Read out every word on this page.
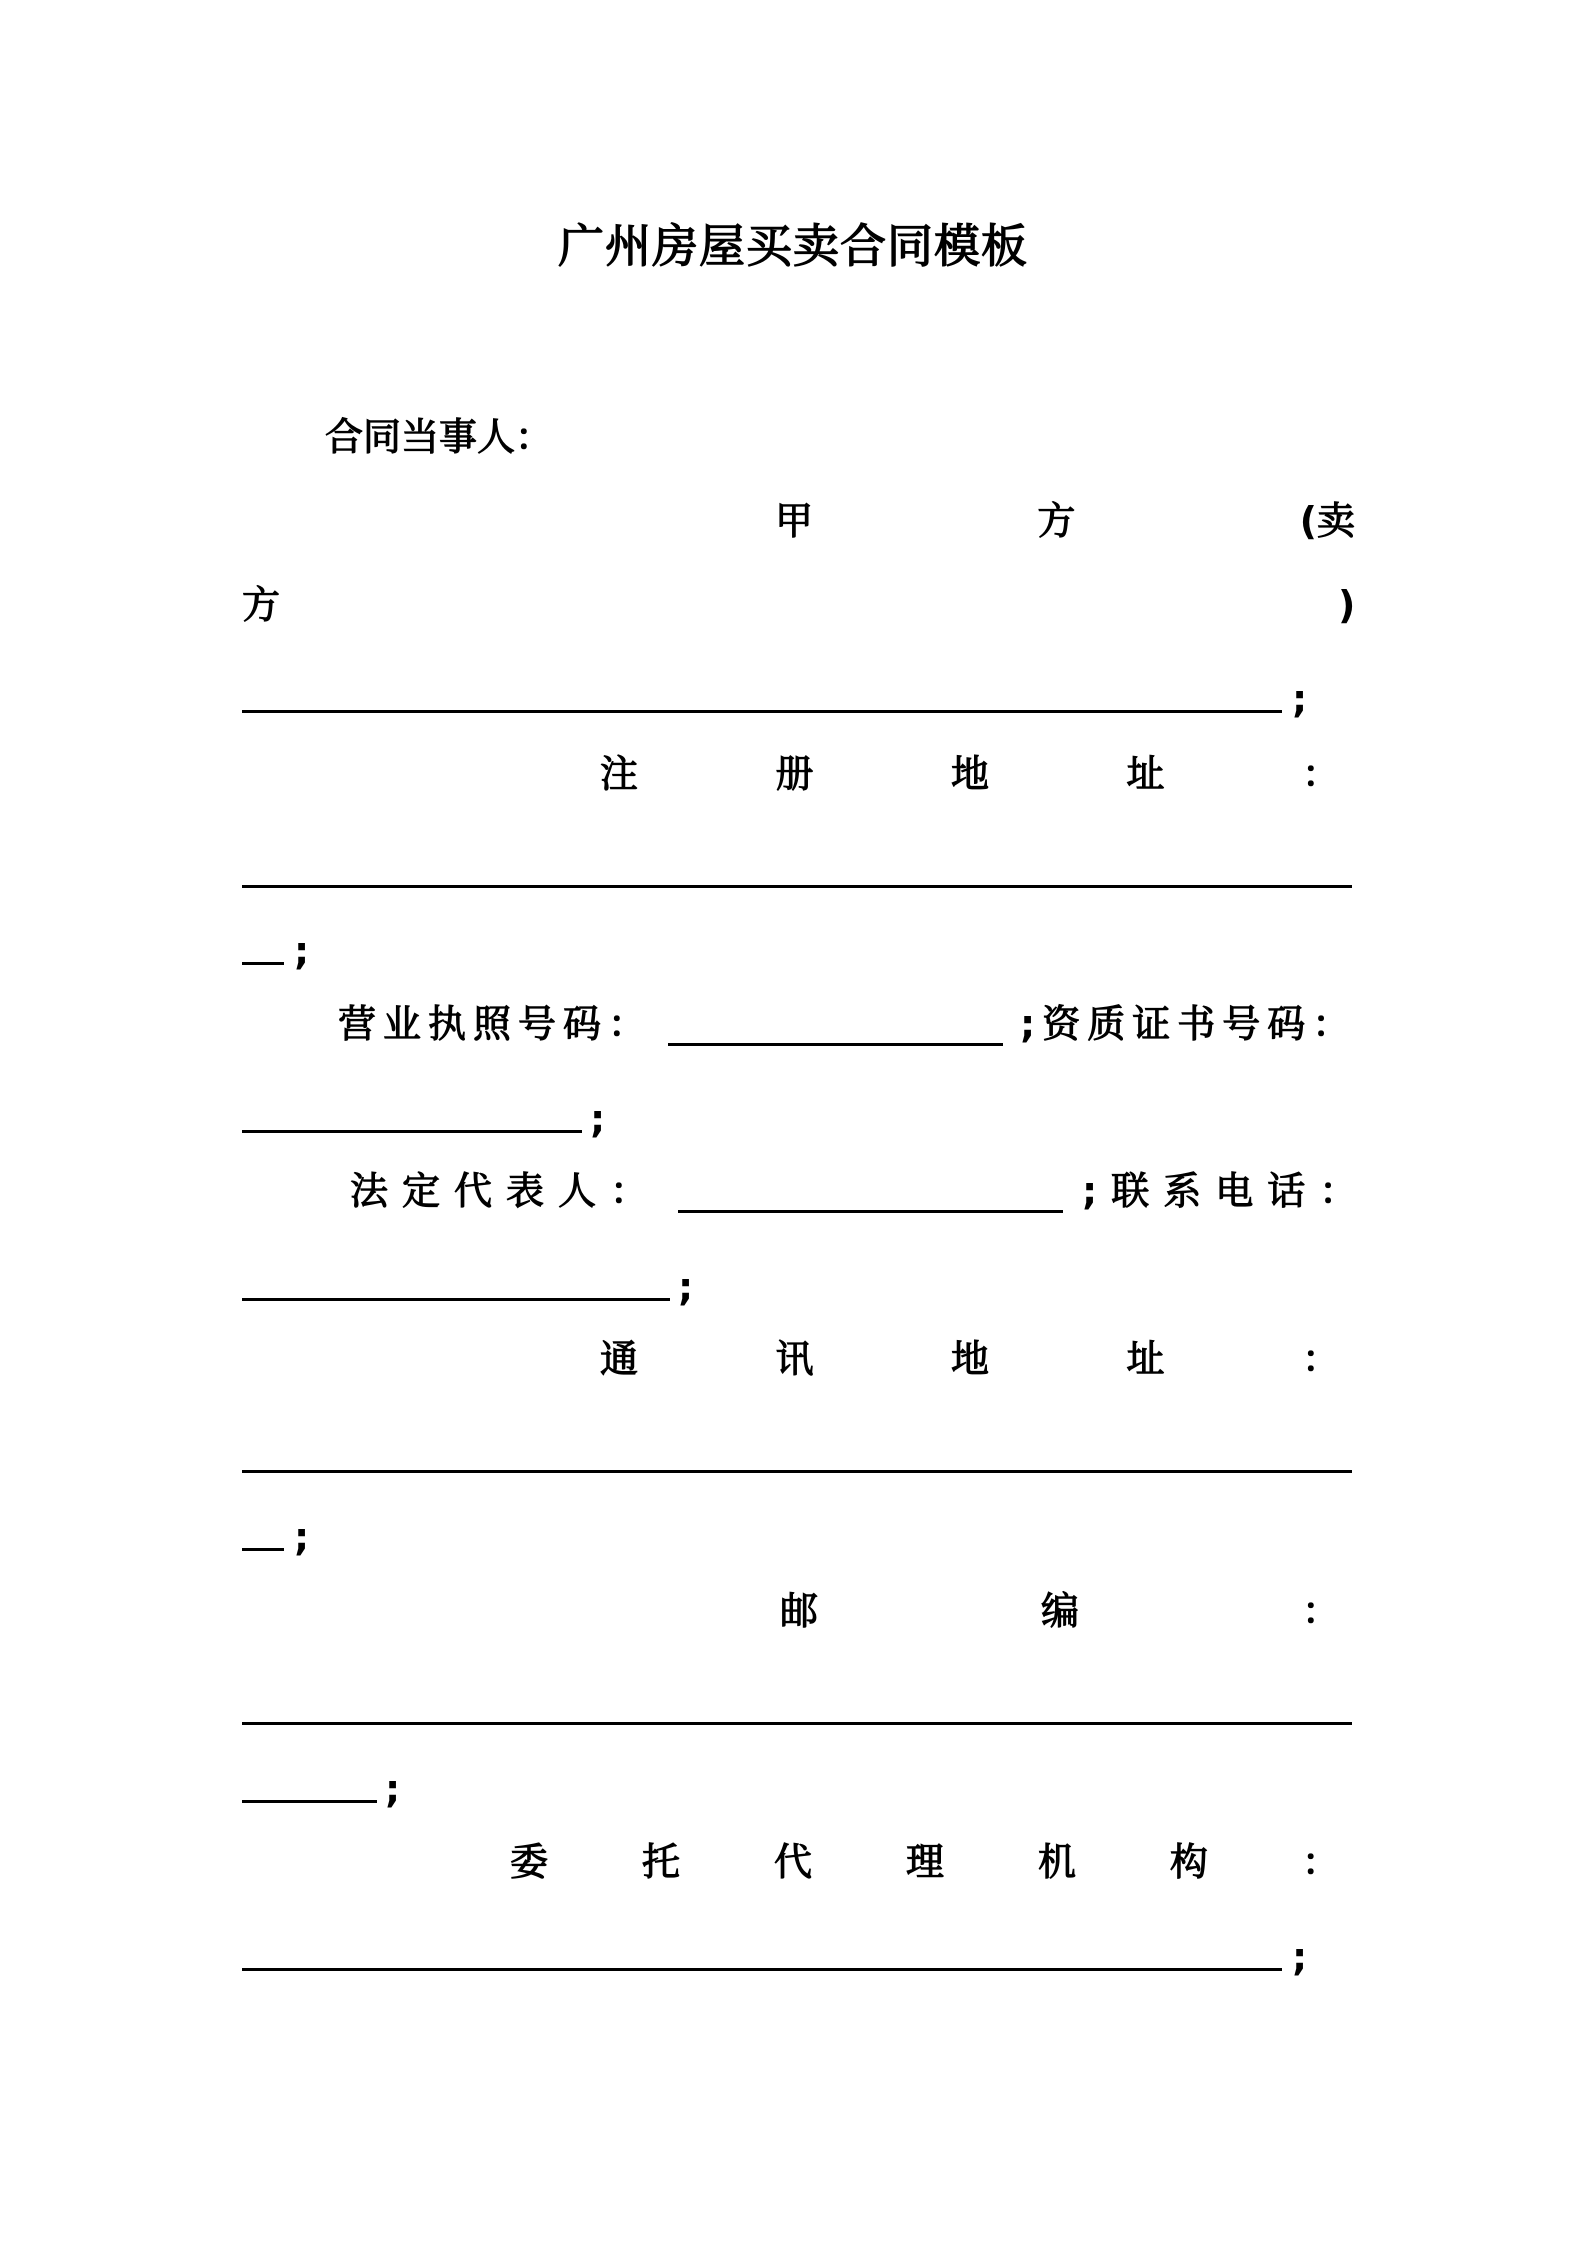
广州房屋买卖合同模板
合同当事人：
甲	方	(卖
方	)
;
注	册	地	址	：
;
营业执照号码：	;资质证书号码：
;
法定代表人：	;联系电话：
;
通	讯	地	址	：
;
邮	编	：
;
委 托 代 理 机 构 ：
;
